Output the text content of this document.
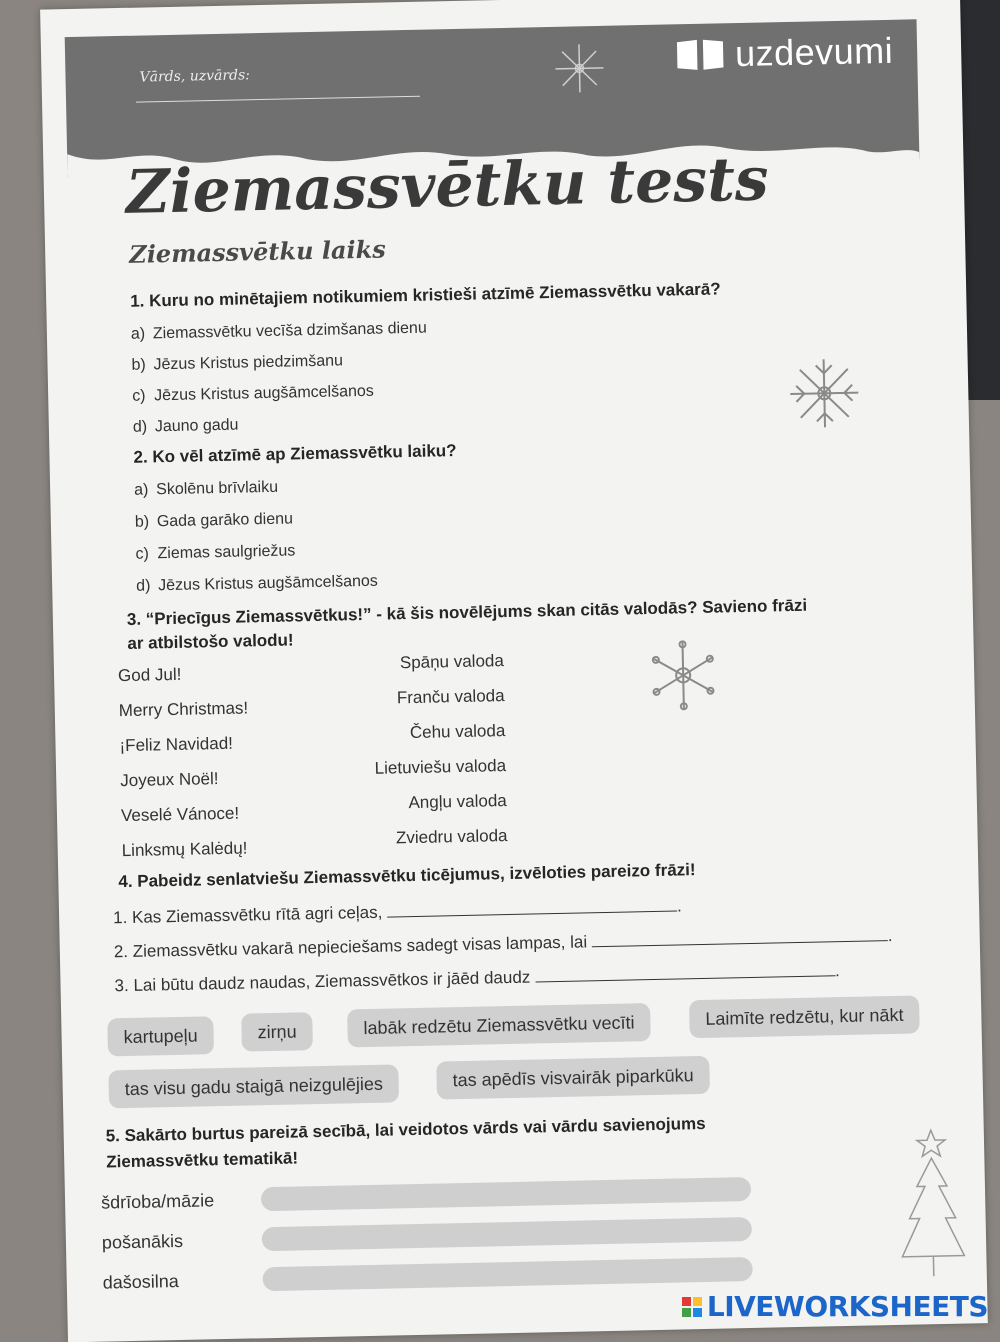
Vārds, uzvārds:
uzdevumi
Ziemassvētku tests
Ziemassvētku laiks
1. Kuru no minētajiem notikumiem kristieši atzīmē Ziemassvētku vakarā?
a) Ziemassvētku vecīša dzimšanas dienu
b) Jēzus Kristus piedzimšanu
c) Jēzus Kristus augšāmcelšanos
d) Jauno gadu
2. Ko vēl atzīmē ap Ziemassvētku laiku?
a) Skolēnu brīvlaiku
b) Gada garāko dienu
c) Ziemas saulgriežus
d) Jēzus Kristus augšāmcelšanos
3. “Priecīgus Ziemassvētkus!” - kā šis novēlējums skan citās valodās? Savieno frāzi
ar atbilstošo valodu!
God Jul!
Merry Christmas!
¡Feliz Navidad!
Joyeux Noël!
Veselé Vánoce!
Linksmų Kalėdų!
Spāņu valoda
Franču valoda
Čehu valoda
Lietuviešu valoda
Angļu valoda
Zviedru valoda
4. Pabeidz senlatviešu Ziemassvētku ticējumus, izvēloties pareizo frāzi!
1. Kas Ziemassvētku rītā agri ceļas,	.
2. Ziemassvētku vakarā nepieciešams sadegt visas lampas, lai	.
3. Lai būtu daudz naudas, Ziemassvētkos ir jāēd daudz	.
kartupeļu	zirņu	labāk redzētu Ziemassvētku vecīti	Laimīte redzētu, kur nākt
tas visu gadu staigā neizgulējies	tas apēdīs visvairāk piparkūku
5. Sakārto burtus pareizā secībā, lai veidotos vārds vai vārdu savienojums
Ziemassvētku tematikā!
šdrīoba/māzie
pošanākis
dašosilna
LIVEWORKSHEETS
